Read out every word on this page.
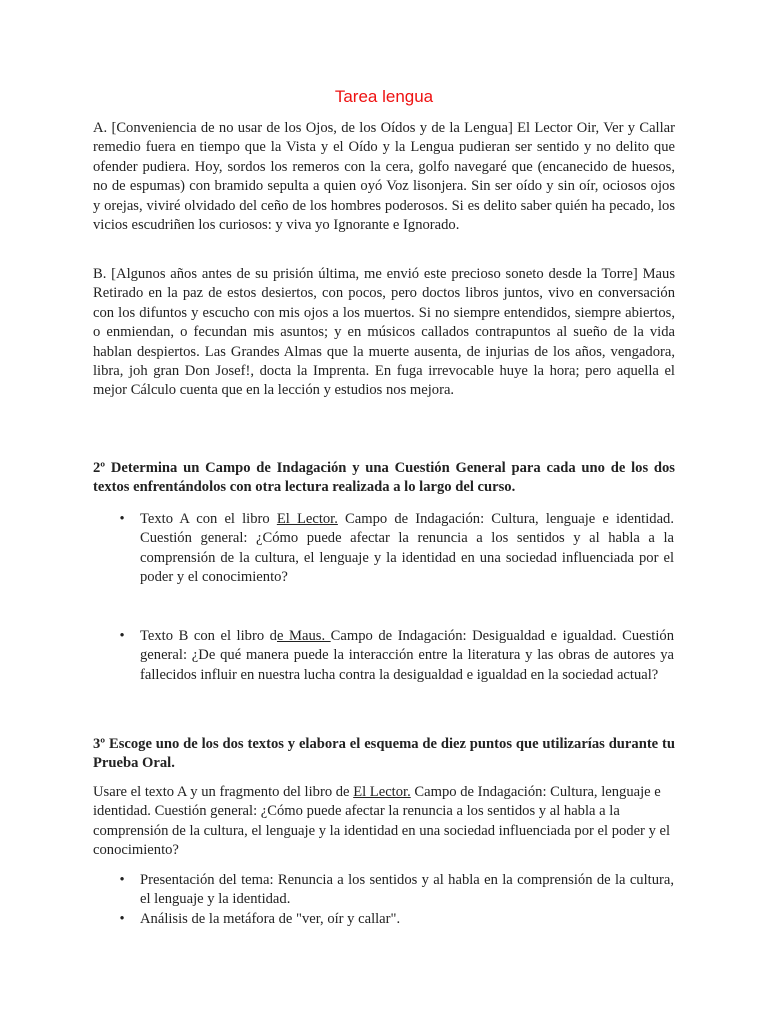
Tarea lengua

A. [Conveniencia de no usar de los Ojos, de los Oídos y de la Lengua] El Lector Oir, Ver y Callar remedio fuera en tiempo que la Vista y el Oído y la Lengua pudieran ser sentido y no delito que ofender pudiera. Hoy, sordos los remeros con la cera, golfo navegaré que (encanecido de huesos, no de espumas) con bramido sepulta a quien oyó Voz lisonjera. Sin ser oído y sin oír, ociosos ojos y orejas, viviré olvidado del ceño de los hombres poderosos. Si es delito saber quién ha pecado, los vicios escudriñen los curiosos: y viva yo Ignorante e Ignorado.

B. [Algunos años antes de su prisión última, me envió este precioso soneto desde la Torre] Maus Retirado en la paz de estos desiertos, con pocos, pero doctos libros juntos, vivo en conversación con los difuntos y escucho con mis ojos a los muertos. Si no siempre entendidos, siempre abiertos, o enmiendan, o fecundan mis asuntos; y en músicos callados contrapuntos al sueño de la vida hablan despiertos. Las Grandes Almas que la muerte ausenta, de injurias de los años, vengadora, libra, joh gran Don Josef!, docta la Imprenta. En fuga irrevocable huye la hora; pero aquella el mejor Cálculo cuenta que en la lección y estudios nos mejora.

2º Determina un Campo de Indagación y una Cuestión General para cada uno de los dos textos enfrentándolos con otra lectura realizada a lo largo del curso.

• Texto A con el libro El Lector. Campo de Indagación: Cultura, lenguaje e identidad. Cuestión general: ¿Cómo puede afectar la renuncia a los sentidos y al habla a la comprensión de la cultura, el lenguaje y la identidad en una sociedad influenciada por el poder y el conocimiento?

• Texto B con el libro de Maus. Campo de Indagación: Desigualdad e igualdad. Cuestión general: ¿De qué manera puede la interacción entre la literatura y las obras de autores ya fallecidos influir en nuestra lucha contra la desigualdad e igualdad en la sociedad actual?

3º Escoge uno de los dos textos y elabora el esquema de diez puntos que utilizarías durante tu Prueba Oral.

Usare el texto A y un fragmento del libro de El Lector. Campo de Indagación: Cultura, lenguaje e identidad. Cuestión general: ¿Cómo puede afectar la renuncia a los sentidos y al habla a la comprensión de la cultura, el lenguaje y la identidad en una sociedad influenciada por el poder y el conocimiento?

• Presentación del tema: Renuncia a los sentidos y al habla en la comprensión de la cultura, el lenguaje y la identidad.

• Análisis de la metáfora de "ver, oír y callar".
